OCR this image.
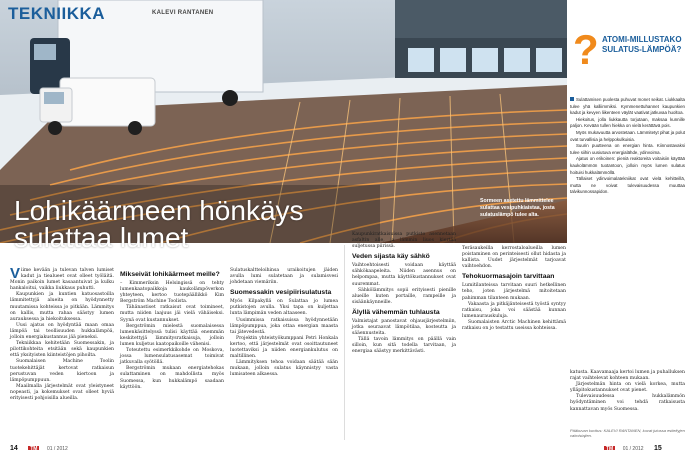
TEKNIIKKA	KALEVI RANTANEN
Lohikäärmeen hönkäys
sulattaa lumet
Sadulta kuulostavaa tekniikkaa käytetään jo Amerikassa ja Venäjällä.
Sormeen asetettu lämmittelee sulattaa vesipuhkiaistaa, josta sulatuslämpö tulee alta.

Viime kevään ja tulevan talven lumiset kadut ja tiealueet ovat olleet työläitä. Monin paikoin lumet kasaantuivat ja kulku hankaloitui, vaikka liukkaus puhutti.

Kaupunkien ja kuntien katuosastoilla lämmitettyjä alueita on hyödynnetty muutamissa kohteissa jo pitkään. Lämmitys on kallis, mutta rahaa säästyy lumen aurauksessa ja hiekoituksessa.

Uusi ajatus on hyödyntää maan omaa lämpöä tai teollisuuden hukkalämpöä, jolloin energiakustannus jää pieneksi.

Tekniikkaa kehitetään Suomessakin, ja pilottikohteita etsitään sekä kaupunkien että yksityisten kiinteistöjen pihoilta.

Suomalaisen Machine Toolin tuotekehittäjät kertovat ratkaisun perustuvan veden kiertoon ja lämpöpumppuun.

Maailmalla järjestelmät ovat yleistyneet nopeasti, ja kokemukset ovat olleet hyviä erityisesti pohjoisilla alueilla.

Mikseivät lohikäärmeet meille?

– Kimmeriksin Helsingissä on tehty lumenkaatopaikkoja kaukolämpöverkon yhteyteen, kertoo tuotepäällikkö Kim Bergström Machine Toolista.

Tähänastiset ratkaisut ovat toimineet, mutta niiden laajuus jäi vielä vähäiseksi. Syynä ovat kustannukset.

Bergströmin mielestä suomalaisessa lumenkäsittelyssä tulisi käyttää enemmän keskitettyjä lämmitysratkaisuja, jolloin lumen kuljetus kaatopaikoille vähenisi.

Toteutettu esimerkkikohde on Moskova, jossa lumensulatusasemat toimivat jatkuvalla syötöllä.

Bergströmin mukaan energiatehokas sulattaminen on mahdollista myös Suomessa, kun hukkalämpö saadaan käyttöön.

Sulatuskaltteloihinsa uraikoitujen jäiden avulla lumi sulatetaan ja sulamisvesi johdetaan viemäriin.

Suomessakin vesipiirisulatusta

Myös Kilpakyllä on Sulattaa jo lumea putkistojen avulla. Yksi tapa on kuljettaa lunta lämpimän veden altaaseen.

Uusimmissa ratkaisuissa hyödynnetään lämpöpumppua, joka ottaa energian maasta tai jätevedestä.

Projektin yhteistyökumppani Petri Honkala kertoo, että järjestelmät ovat osoittautuneet luotettaviksi ja niiden energiankulutus on maltillinen.

Lämmityksen tehoa voidaan säätää sään mukaan, jolloin sulatus käynnistyy vasta lumisateen alkaessa.

Kaupunkiratkaisuissa putkisto asennetaan asfaltin alle, ja lämmin liuos kiertää suljetussa piirissä.

Veden sijasta käy sähkö

Vaihtoehtoisesti voidaan käyttää sähkökaapeleita. Niiden asennus on helpompaa, mutta käyttökustannukset ovat suuremmat.

Sähkölämmitys sopii erityisesti pienille alueille kuten portaille, rampeille ja sisäänkäynneille.

Älyllä vähemmän tuhlausta

Valmistajat panostavat ohjausjärjestelmiin, jotka seuraavat lämpötilaa, kosteutta ja sääennusteita.

Tällä tavoin lämmitys on päällä vain silloin, kun sitä todella tarvitaan, ja energiaa säästyy merkittävästi.

Teräsaukeilla kerrostaloalueilla lumen poistaminen on perinteisesti ollut hidasta ja kallista. Uudet järjestelmät tarjoavat vaihtoehdon.

Tehokuormasajoin tarvittaan

Lumitilanteissa tarvitaan suuri hetkellinen teho, joten järjestelmä mitoitetaan pahimman tilanteen mukaan.

Vakaasta ja pitkäjänteisestä työstä syntyy ratkaisu, joka voi säästää kunnan lumenaurauskuluja.

Suomalaisten Arctic Machinen kehittämä ratkaisu on jo testattu useissa kohteissa.

katusta. Kaavamaaja kertoi lumen ja puhalluksen rajat vaihtelevat kohteen mukaan.

Järjestelmän hinta on vielä korkea, mutta ylläpitokustannukset ovat pienet.

Tulevaisuudessa hukkalämmön hyödyntäminen voi tehdä ratkaisusta kannattavan myös Suomessa.

? ATOMI-MILLUSTAKO SULATUS-LÄMPÖÄ?

Sulattamisen puolesta puhuvat monet seikat. Liukkaalta tulee yhä kalliimmiksi. Kymmenettuhannet kaupunkien kadut ja kevyen liikenteen väylät vaativat jatkuvaa huoltoa.

Hiekoitus, jolla liukkautta torjutaan, maksaa kunnille paljon. Kevään tullen hiekka on vielä kerättävä pois.

Myös mukavuutta arvostetaan. Lämmitetyt pihat ja polut ovat turvallisia ja helppokulkuisia.

Suurin puutteena on energian hinta. Kiinnostavaksi tulee siihin uusiutuva energialähde, ydinvoima.

Ajatus on erikoinen: pieniä reaktoreita voitaisiin käyttää kaukolämmön tuotantoon, jolloin myös lumen sulatus hoituisi hukkalämmöllä.

Tällaiset ydinvoimalatekniikat ovat vielä kehitteillä, mutta ne voivat tulevaisuudessa muuttaa talvikunnossapidon.

14 TM 01 / 2012	TM 01 / 2012 15
Pääkuvan kuvitus: KALEVI RANTANEN, kuvat jutussa esiteltyjen valmistajien.
